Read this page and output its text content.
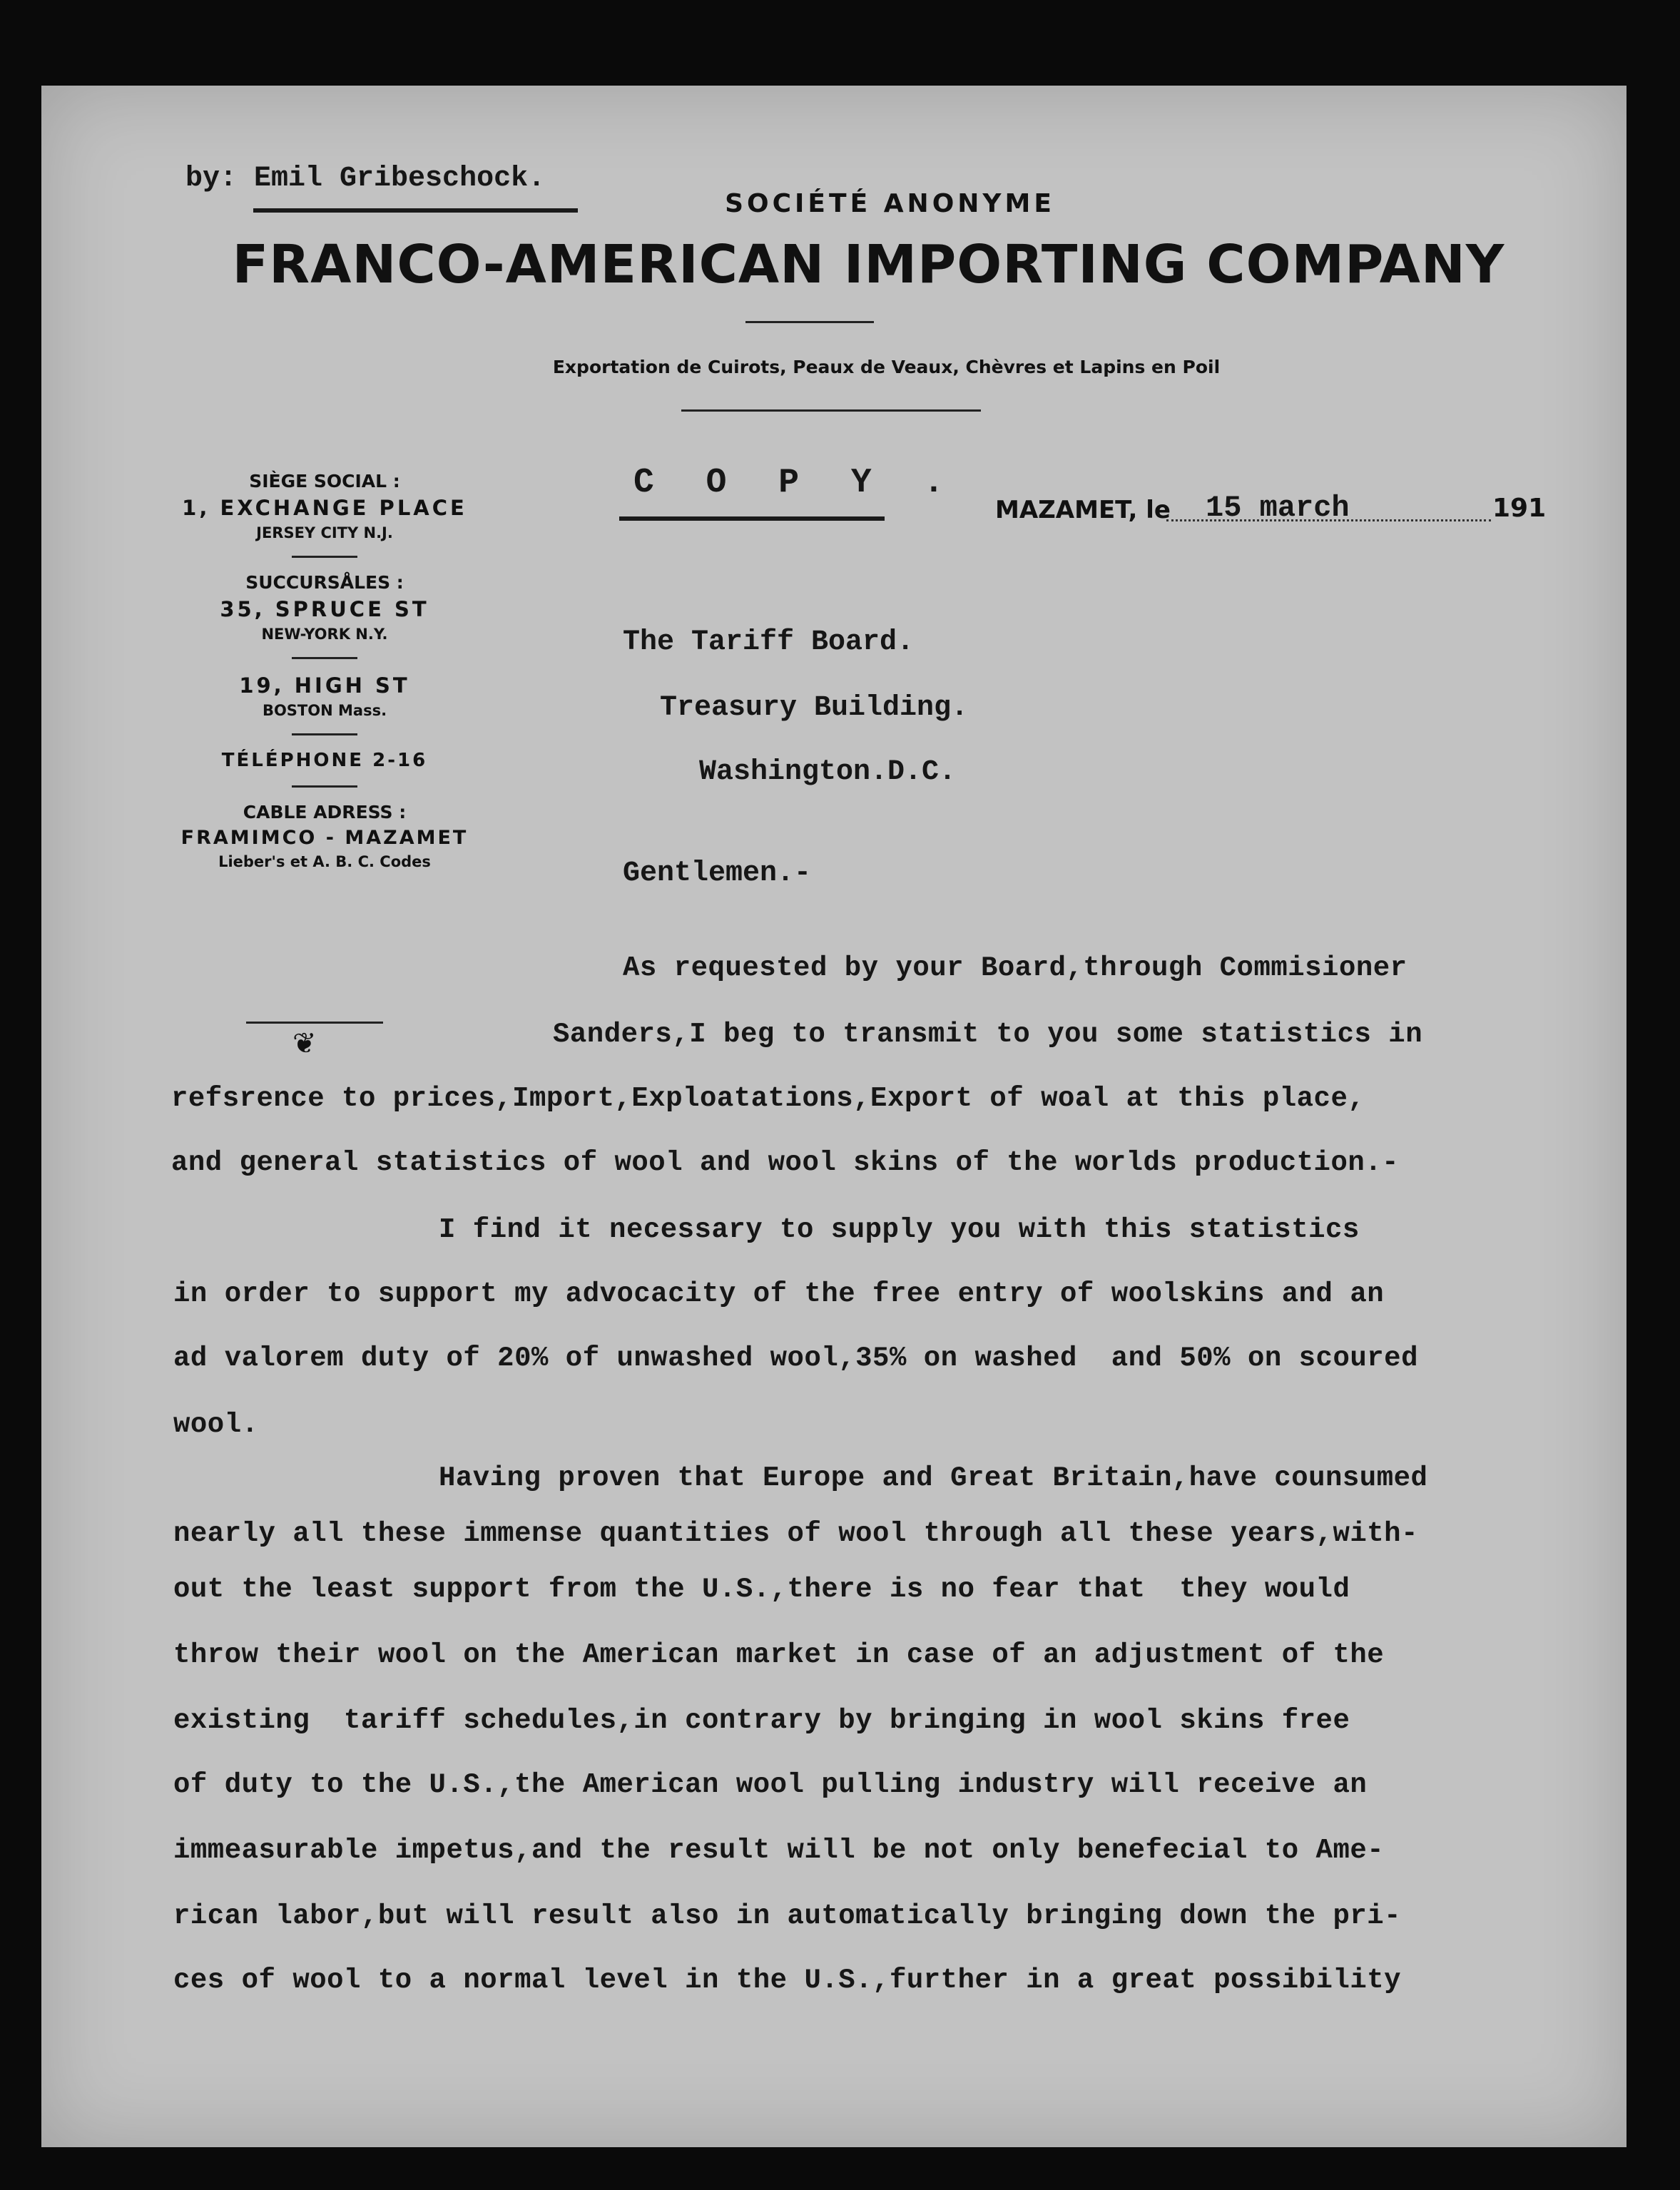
by: Emil Gribeschock.
SOCIÉTÉ ANONYME
FRANCO-AMERICAN IMPORTING COMPANY
Exportation de Cuirots, Peaux de Veaux, Chèvres et Lapins en Poil
SIÈGE SOCIAL :
1, EXCHANGE PLACE
JERSEY CITY N.J.
SUCCURSÅLES :
35, SPRUCE ST
NEW-YORK N.Y.
19, HIGH ST
BOSTON Mass.
TÉLÉPHONE 2-16
CABLE ADRESS :
FRAMIMCO - MAZAMET
Lieber's et A. B. C. Codes
❦
C O P Y .
MAZAMET, le 15 march	191
The Tariff Board.
Treasury Building.
Washington.D.C.
Gentlemen.-
As requested by your Board,through Commisioner
Sanders,I beg to transmit to you some statistics in
refsrence to prices,Import,Exploatations,Export of woal at this place,
and general statistics of wool and wool skins of the worlds production.-
I find it necessary to supply you with this statistics
in order to support my advocacity of the free entry of woolskins and an
ad valorem duty of 20% of unwashed wool,35% on washed  and 50% on scoured
wool.
Having proven that Europe and Great Britain,have counsumed
nearly all these immense quantities of wool through all these years,with-
out the least support from the U.S.,there is no fear that  they would
throw their wool on the American market in case of an adjustment of the
existing  tariff schedules,in contrary by bringing in wool skins free
of duty to the U.S.,the American wool pulling industry will receive an
immeasurable impetus,and the result will be not only benefecial to Ame-
rican labor,but will result also in automatically bringing down the pri-
ces of wool to a normal level in the U.S.,further in a great possibility
